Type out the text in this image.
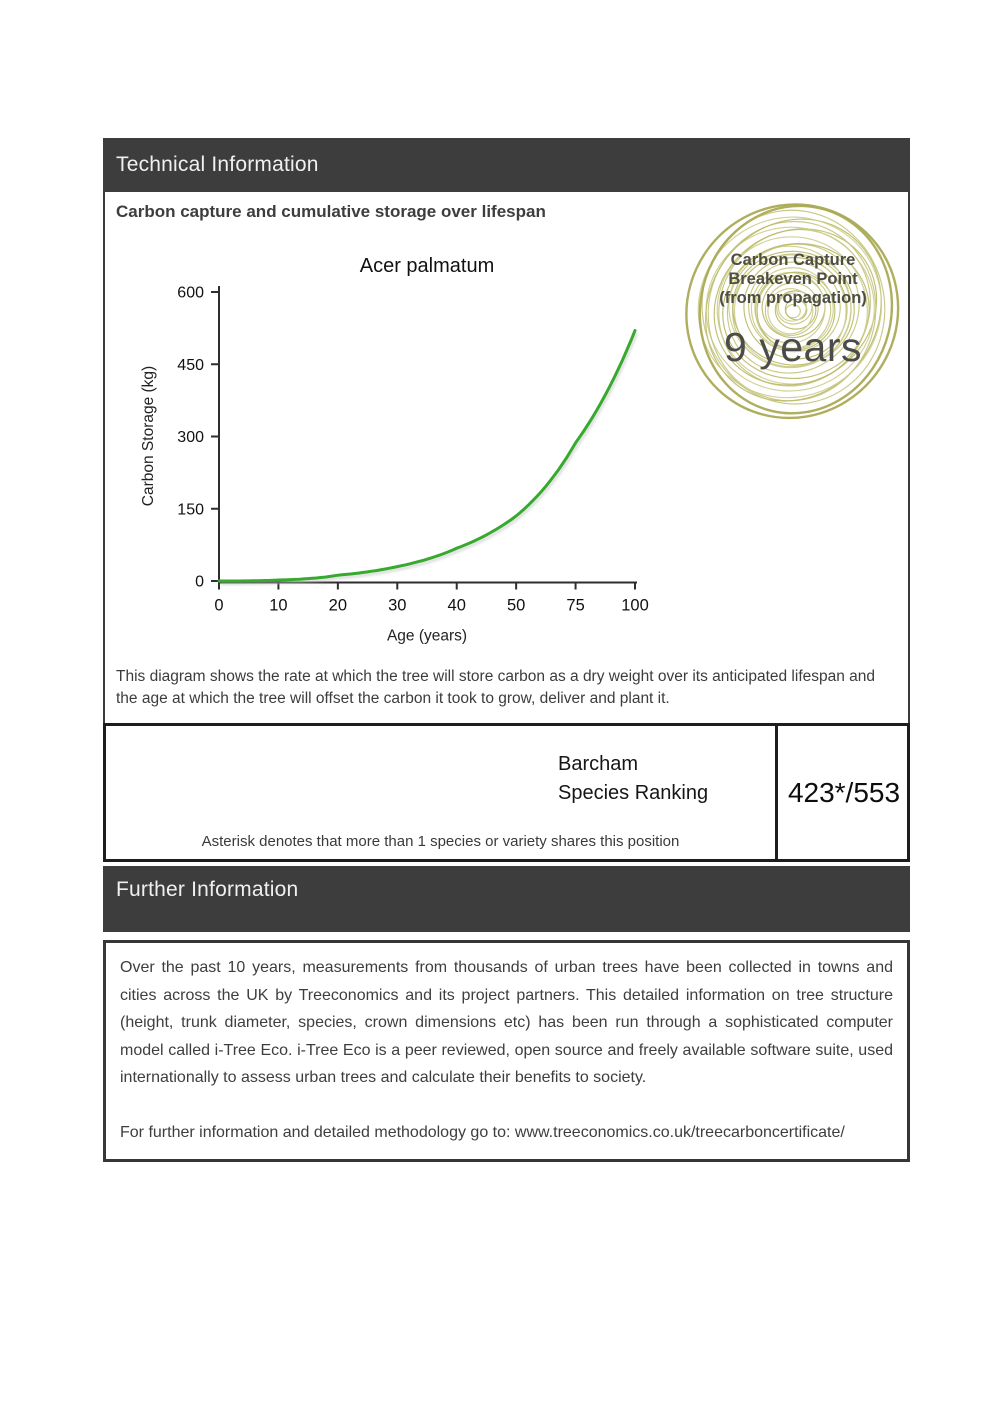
Technical Information
Carbon capture and cumulative storage over lifespan
Acer palmatum
0
150
300
450
600
Carbon Storage (kg)
0	10 20 30 40 50 75 100
Age (years)
Carbon Capture
Breakeven Point
(from propagation)
9 years
This diagram shows the rate at which the tree will store carbon as a dry weight over its anticipated lifespan and the age at which the tree will offset the carbon it took to grow, deliver and plant it.
Barcham
Species Ranking
Asterisk denotes that more than 1 species or variety shares this position
423*/553
Further Information

Over the past 10 years, measurements from thousands of urban trees have been collected in towns and cities across the UK by Treeconomics and its project partners. This detailed information on tree structure (height, trunk diameter, species, crown dimensions etc) has been run through a sophisticated computer model called i-Tree Eco. i-Tree Eco is a peer reviewed, open source and freely available software suite, used internationally to assess urban trees and calculate their benefits to society.

For further information and detailed methodology go to: www.treeconomics.co.uk/treecarboncertificate/
